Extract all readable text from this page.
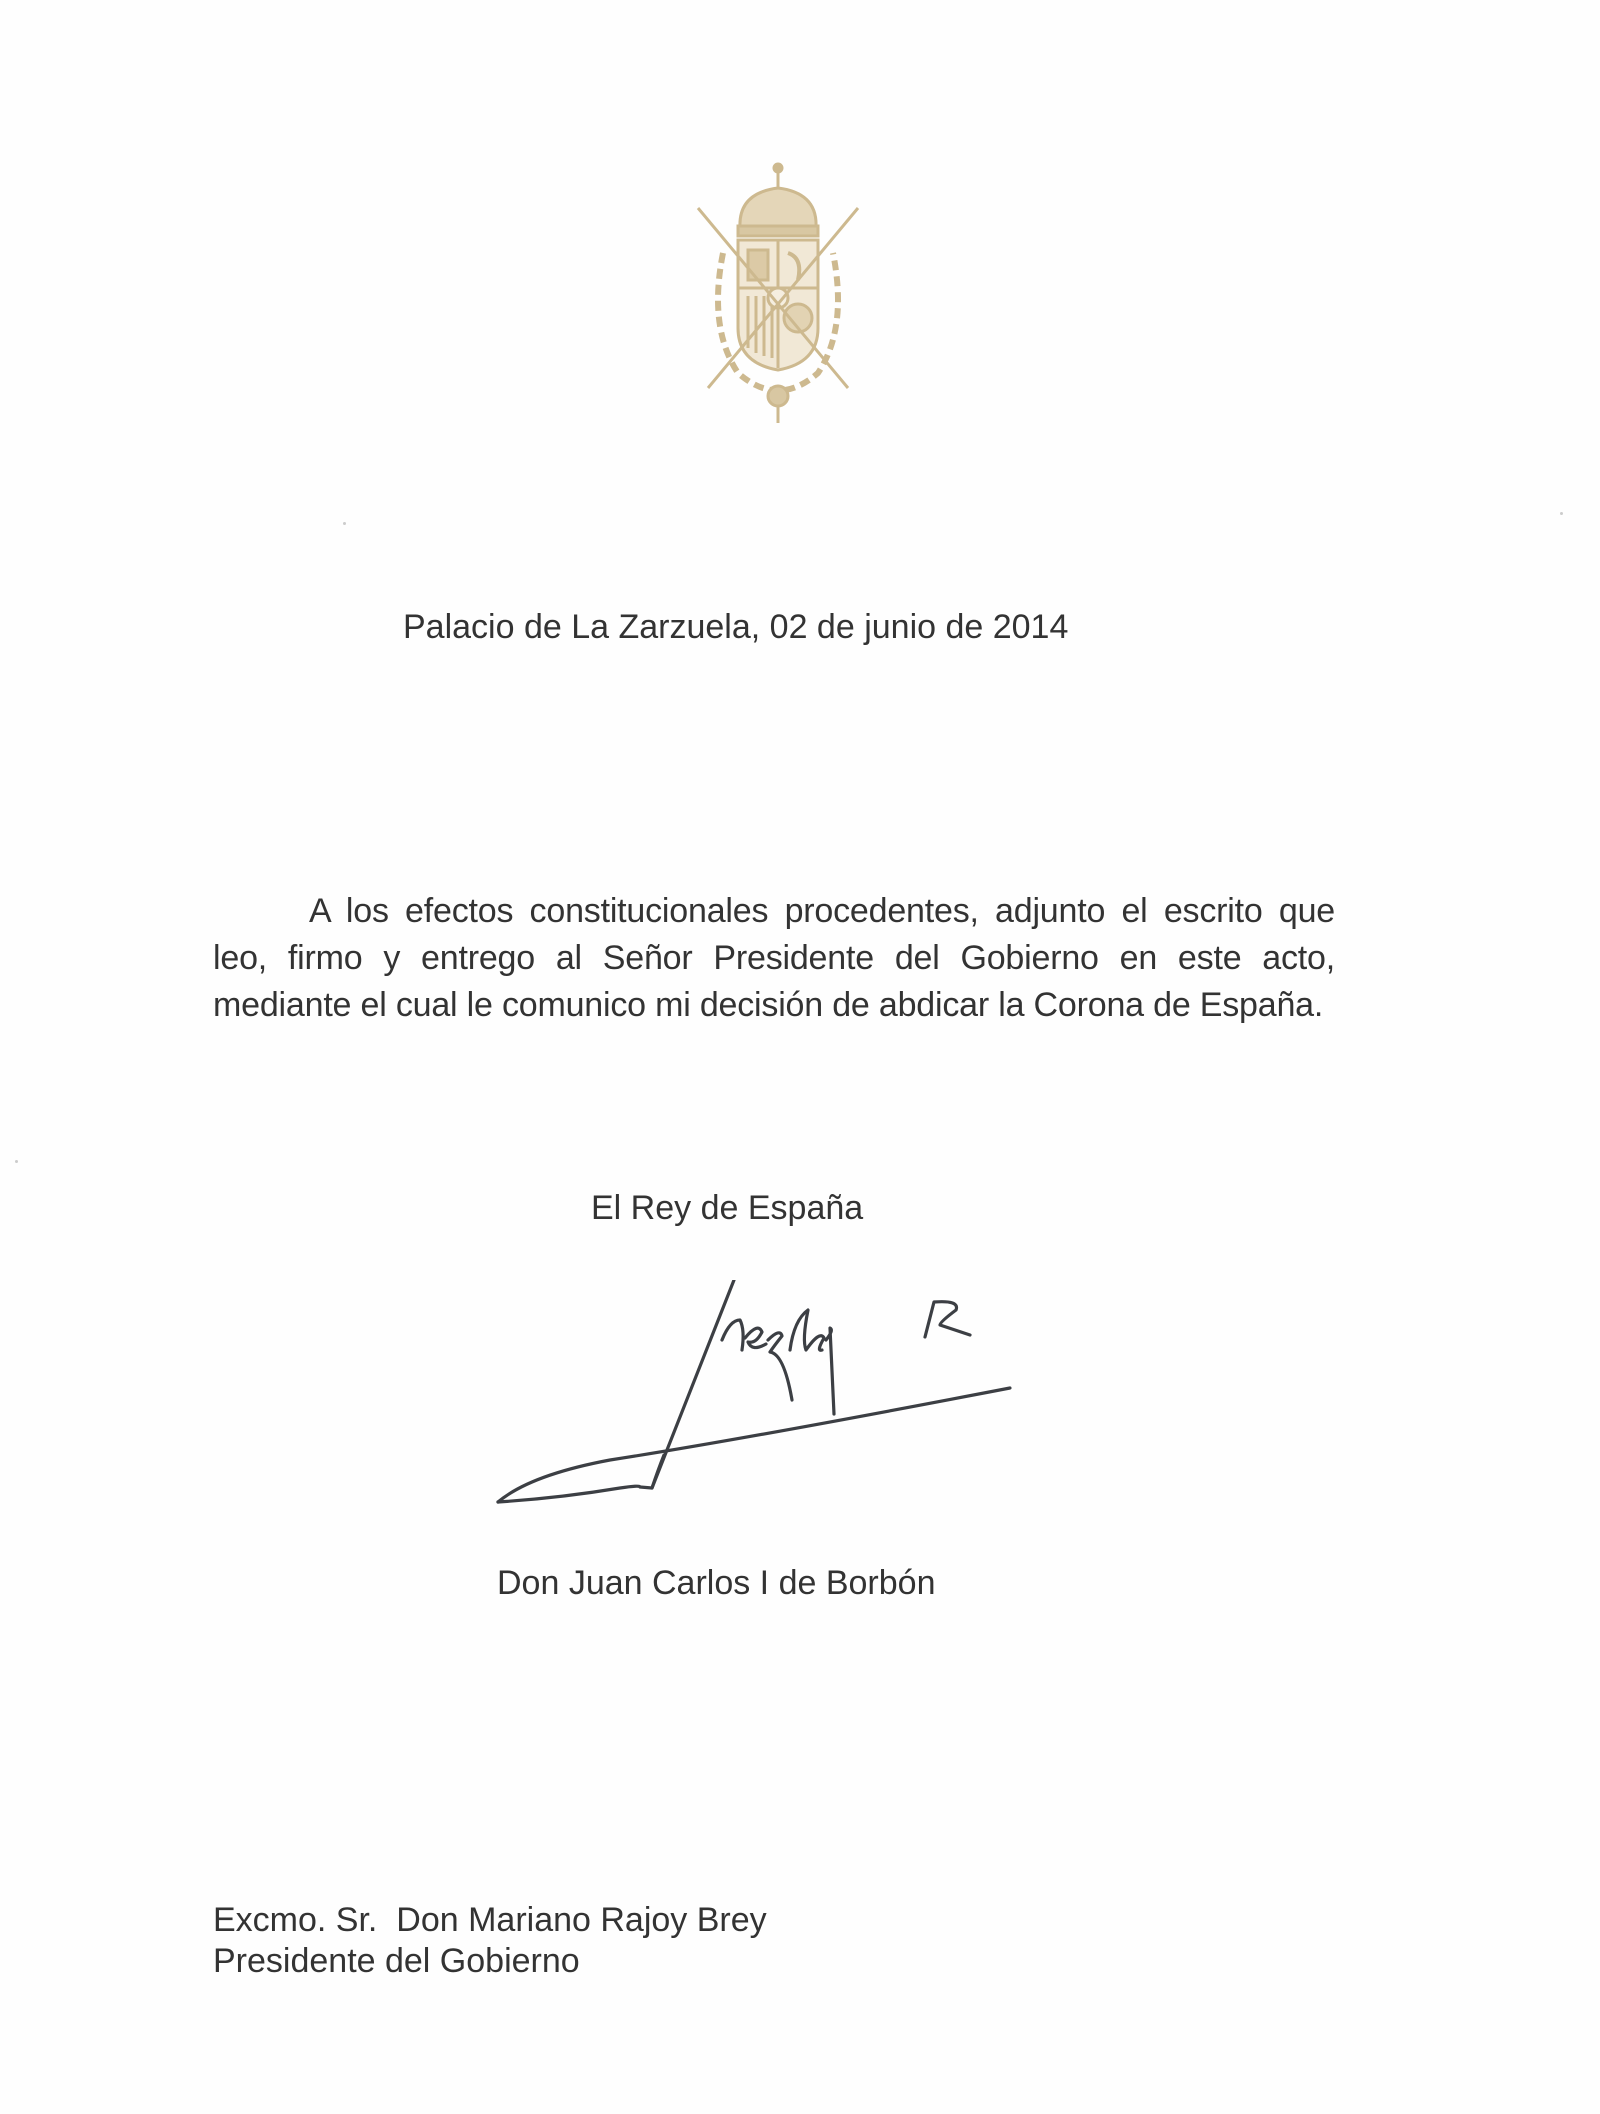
Palacio de La Zarzuela, 02 de junio de 2014
A los efectos constitucionales procedentes, adjunto el escrito que leo, firmo y entrego al Señor Presidente del Gobierno en este acto, mediante el cual le comunico mi decisión de abdicar la Corona de España.
El Rey de España
Don Juan Carlos I de Borbón
Excmo. Sr.  Don Mariano Rajoy Brey
Presidente del Gobierno
